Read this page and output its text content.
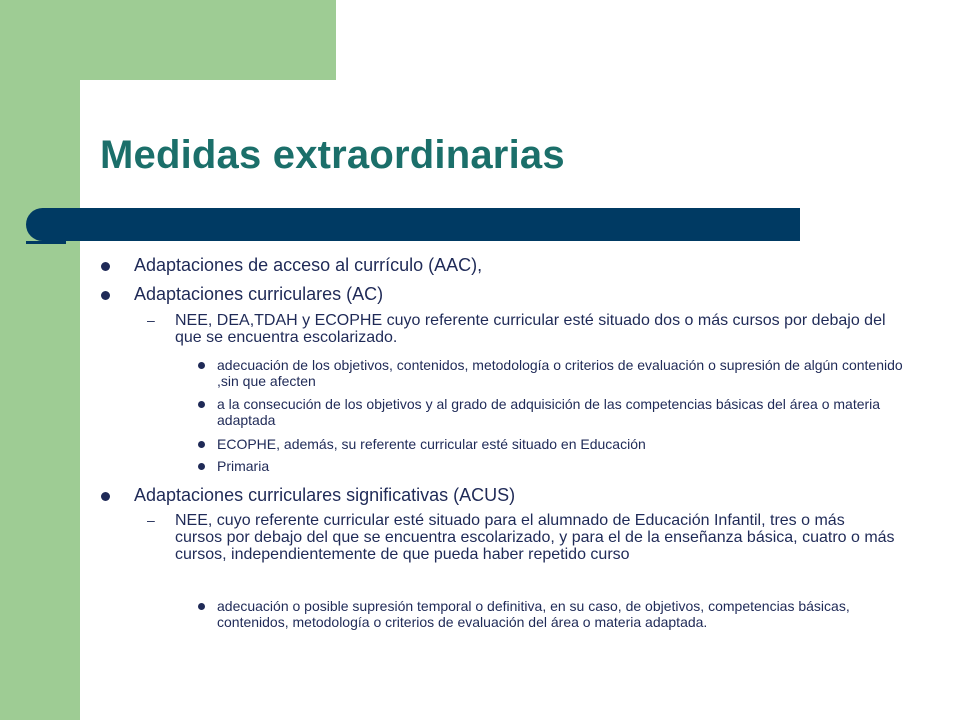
Medidas extraordinarias
Adaptaciones de acceso al currículo (AAC),
Adaptaciones curriculares (AC)
– NEE, DEA,TDAH y ECOPHE cuyo referente curricular esté situado dos o más cursos por debajo del que se encuentra escolarizado.
adecuación de los objetivos, contenidos, metodología o criterios de evaluación o supresión de algún contenido ,sin que afecten
a la consecución de los objetivos y al grado de adquisición de las competencias básicas del área o materia adaptada
ECOPHE, además, su referente curricular esté situado en Educación
Primaria
Adaptaciones curriculares significativas (ACUS)
– NEE, cuyo referente curricular esté situado para el alumnado de Educación Infantil, tres o más cursos por debajo del que se encuentra escolarizado, y para el de la enseñanza básica, cuatro o más cursos, independientemente de que pueda haber repetido curso
adecuación o posible supresión temporal o definitiva, en su caso, de objetivos, competencias básicas, contenidos, metodología o criterios de evaluación del área o materia adaptada.
